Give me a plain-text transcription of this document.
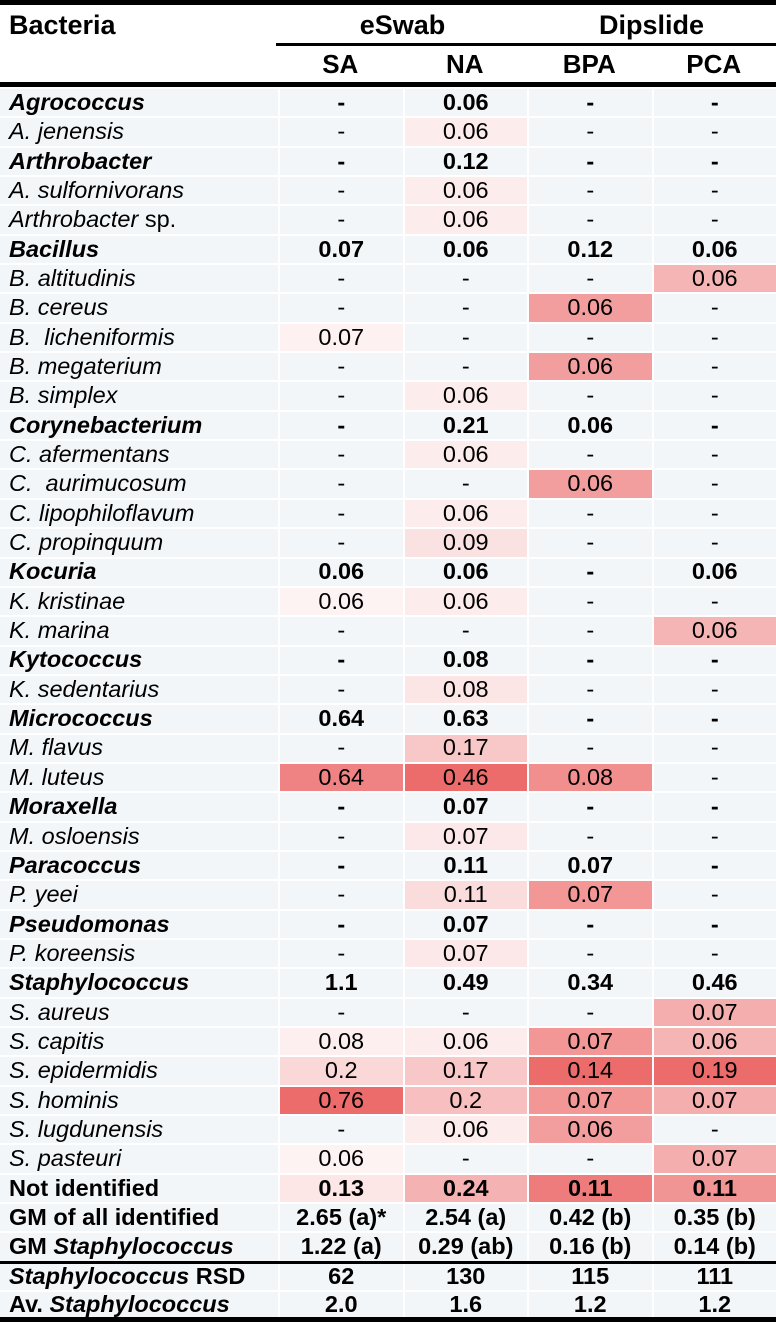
Bacteria	eSwab	Dipslide
SA	NA	BPA	PCA
Agrococcus	-	0.06	-	-
A. jenensis	-	0.06	-	-
Arthrobacter	-	0.12	-	-
A. sulfornivorans	-	0.06	-	-
Arthrobacter sp.	-	0.06	-	-
Bacillus	0.07	0.06	0.12	0.06
B. altitudinis	-	-	-	0.06
B. cereus	-	-	0.06	-
B.  licheniformis	0.07	-	-	-
B. megaterium	-	-	0.06	-
B. simplex	-	0.06	-	-
Corynebacterium	-	0.21	0.06	-
C. afermentans	-	0.06	-	-
C.  aurimucosum	-	-	0.06	-
C. lipophiloflavum	-	0.06	-	-
C. propinquum	-	0.09	-	-
Kocuria	0.06	0.06	-	0.06
K. kristinae	0.06	0.06	-	-
K. marina	-	-	-	0.06
Kytococcus	-	0.08	-	-
K. sedentarius	-	0.08	-	-
Micrococcus	0.64	0.63	-	-
M. flavus	-	0.17	-	-
M. luteus	0.64	0.46	0.08	-
Moraxella	-	0.07	-	-
M. osloensis	-	0.07	-	-
Paracoccus	-	0.11	0.07	-
P. yeei	-	0.11	0.07	-
Pseudomonas	-	0.07	-	-
P. koreensis	-	0.07	-	-
Staphylococcus	1.1	0.49	0.34	0.46
S. aureus	-	-	-	0.07
S. capitis	0.08	0.06	0.07	0.06
S. epidermidis	0.2	0.17	0.14	0.19
S. hominis	0.76	0.2	0.07	0.07
S. lugdunensis	-	0.06	0.06	-
S. pasteuri	0.06	-	-	0.07
Not identified	0.13	0.24	0.11	0.11
GM of all identified	2.65 (a)*	2.54 (a)	0.42 (b)	0.35 (b)
GM Staphylococcus	1.22 (a)	0.29 (ab)	0.16 (b)	0.14 (b)
Staphylococcus RSD	62	130	115	111
Av. Staphylococcus	2.0	1.6	1.2	1.2
